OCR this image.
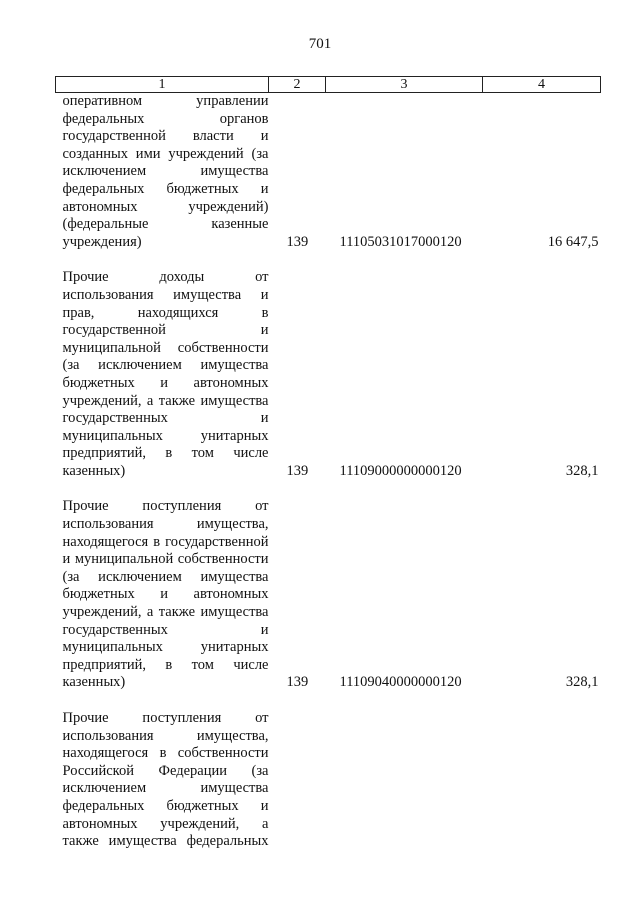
701
1	2	3	4
оперативном управлении федеральных органов государственной власти и созданных ими учреждений (за исключением имущества федеральных бюджетных и автономных учреждений) (федеральные казенные учреждения)	139	11105031017000120	16 647,5

Прочие доходы от использования имущества и прав, находящихся в государственной и муниципальной собственности (за исключением имущества бюджетных и автономных учреждений, а также имущества государственных и муниципальных унитарных предприятий, в том числе казенных)	139	11109000000000120	328,1

Прочие поступления от использования имущества, находящегося в государственной и муниципальной собственности (за исключением имущества бюджетных и автономных учреждений, а также имущества государственных и муниципальных унитарных предприятий, в том числе казенных)	139	11109040000000120	328,1

Прочие поступления от использования имущества, находящегося в собственности Российской Федерации (за исключением имущества федеральных бюджетных и автономных учреждений, а также имущества федеральных			
